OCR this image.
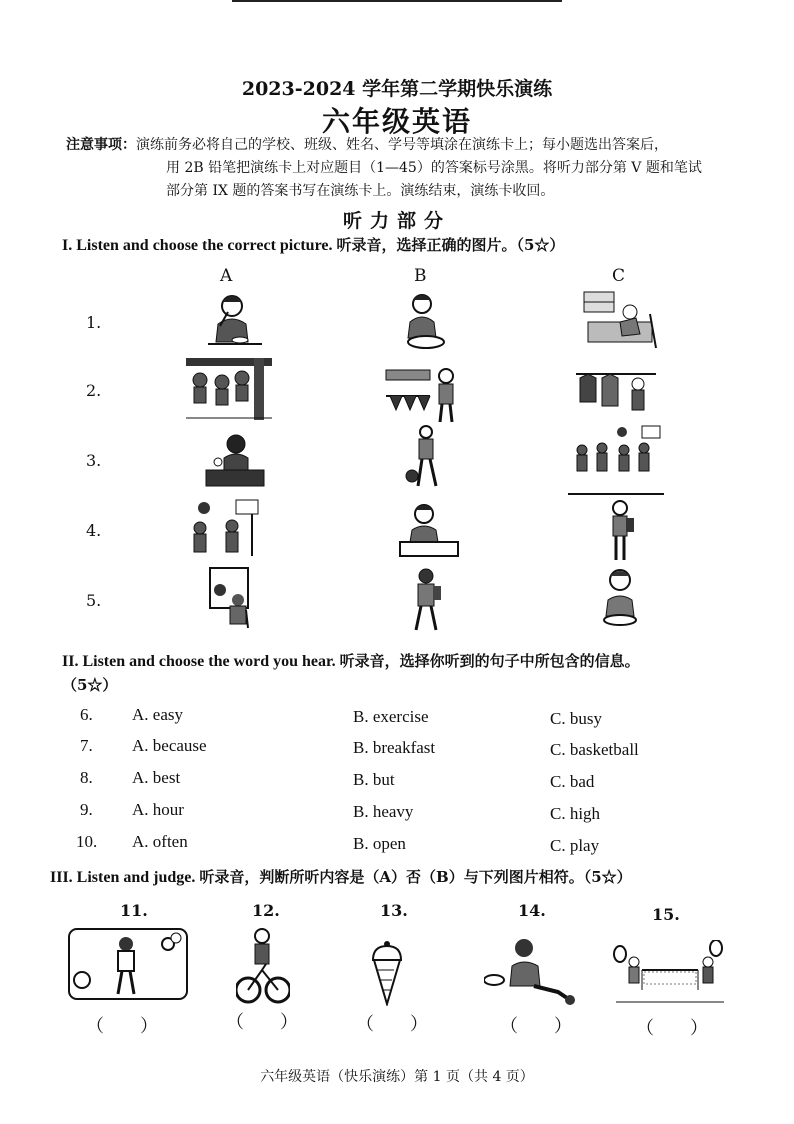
2023-2024 学年第二学期快乐演练
六年级英语
注意事项：演练前务必将自己的学校、班级、姓名、学号等填涂在演练卡上；每小题选出答案后，
用 2B 铅笔把演练卡上对应题目（1—45）的答案标号涂黑。将听力部分第 V 题和笔试
部分第 IX 题的答案书写在演练卡上。演练结束，演练卡收回。
听力部分
I. Listen and choose the correct picture. 听录音，选择正确的图片。（5☆）
A	B	C
1.
2.
3.
4.
5.
II. Listen and choose the word you hear. 听录音，选择你听到的句子中所包含的信息。
（5☆）
6. A. easy	B. exercise	C. busy
7. A. because	B. breakfast	C. basketball
8. A. best	B. but	C. bad
9. A. hour	B. heavy	C. high
10. A. often	B. open	C. play
III. Listen and judge. 听录音，判断所听内容是（A）否（B）与下列图片相符。（5☆）
11.	12.	13.	14.	15.
（　　）	（　　）	（　　）	（　　）	（　　）
六年级英语（快乐演练）第 1 页（共 4 页）
